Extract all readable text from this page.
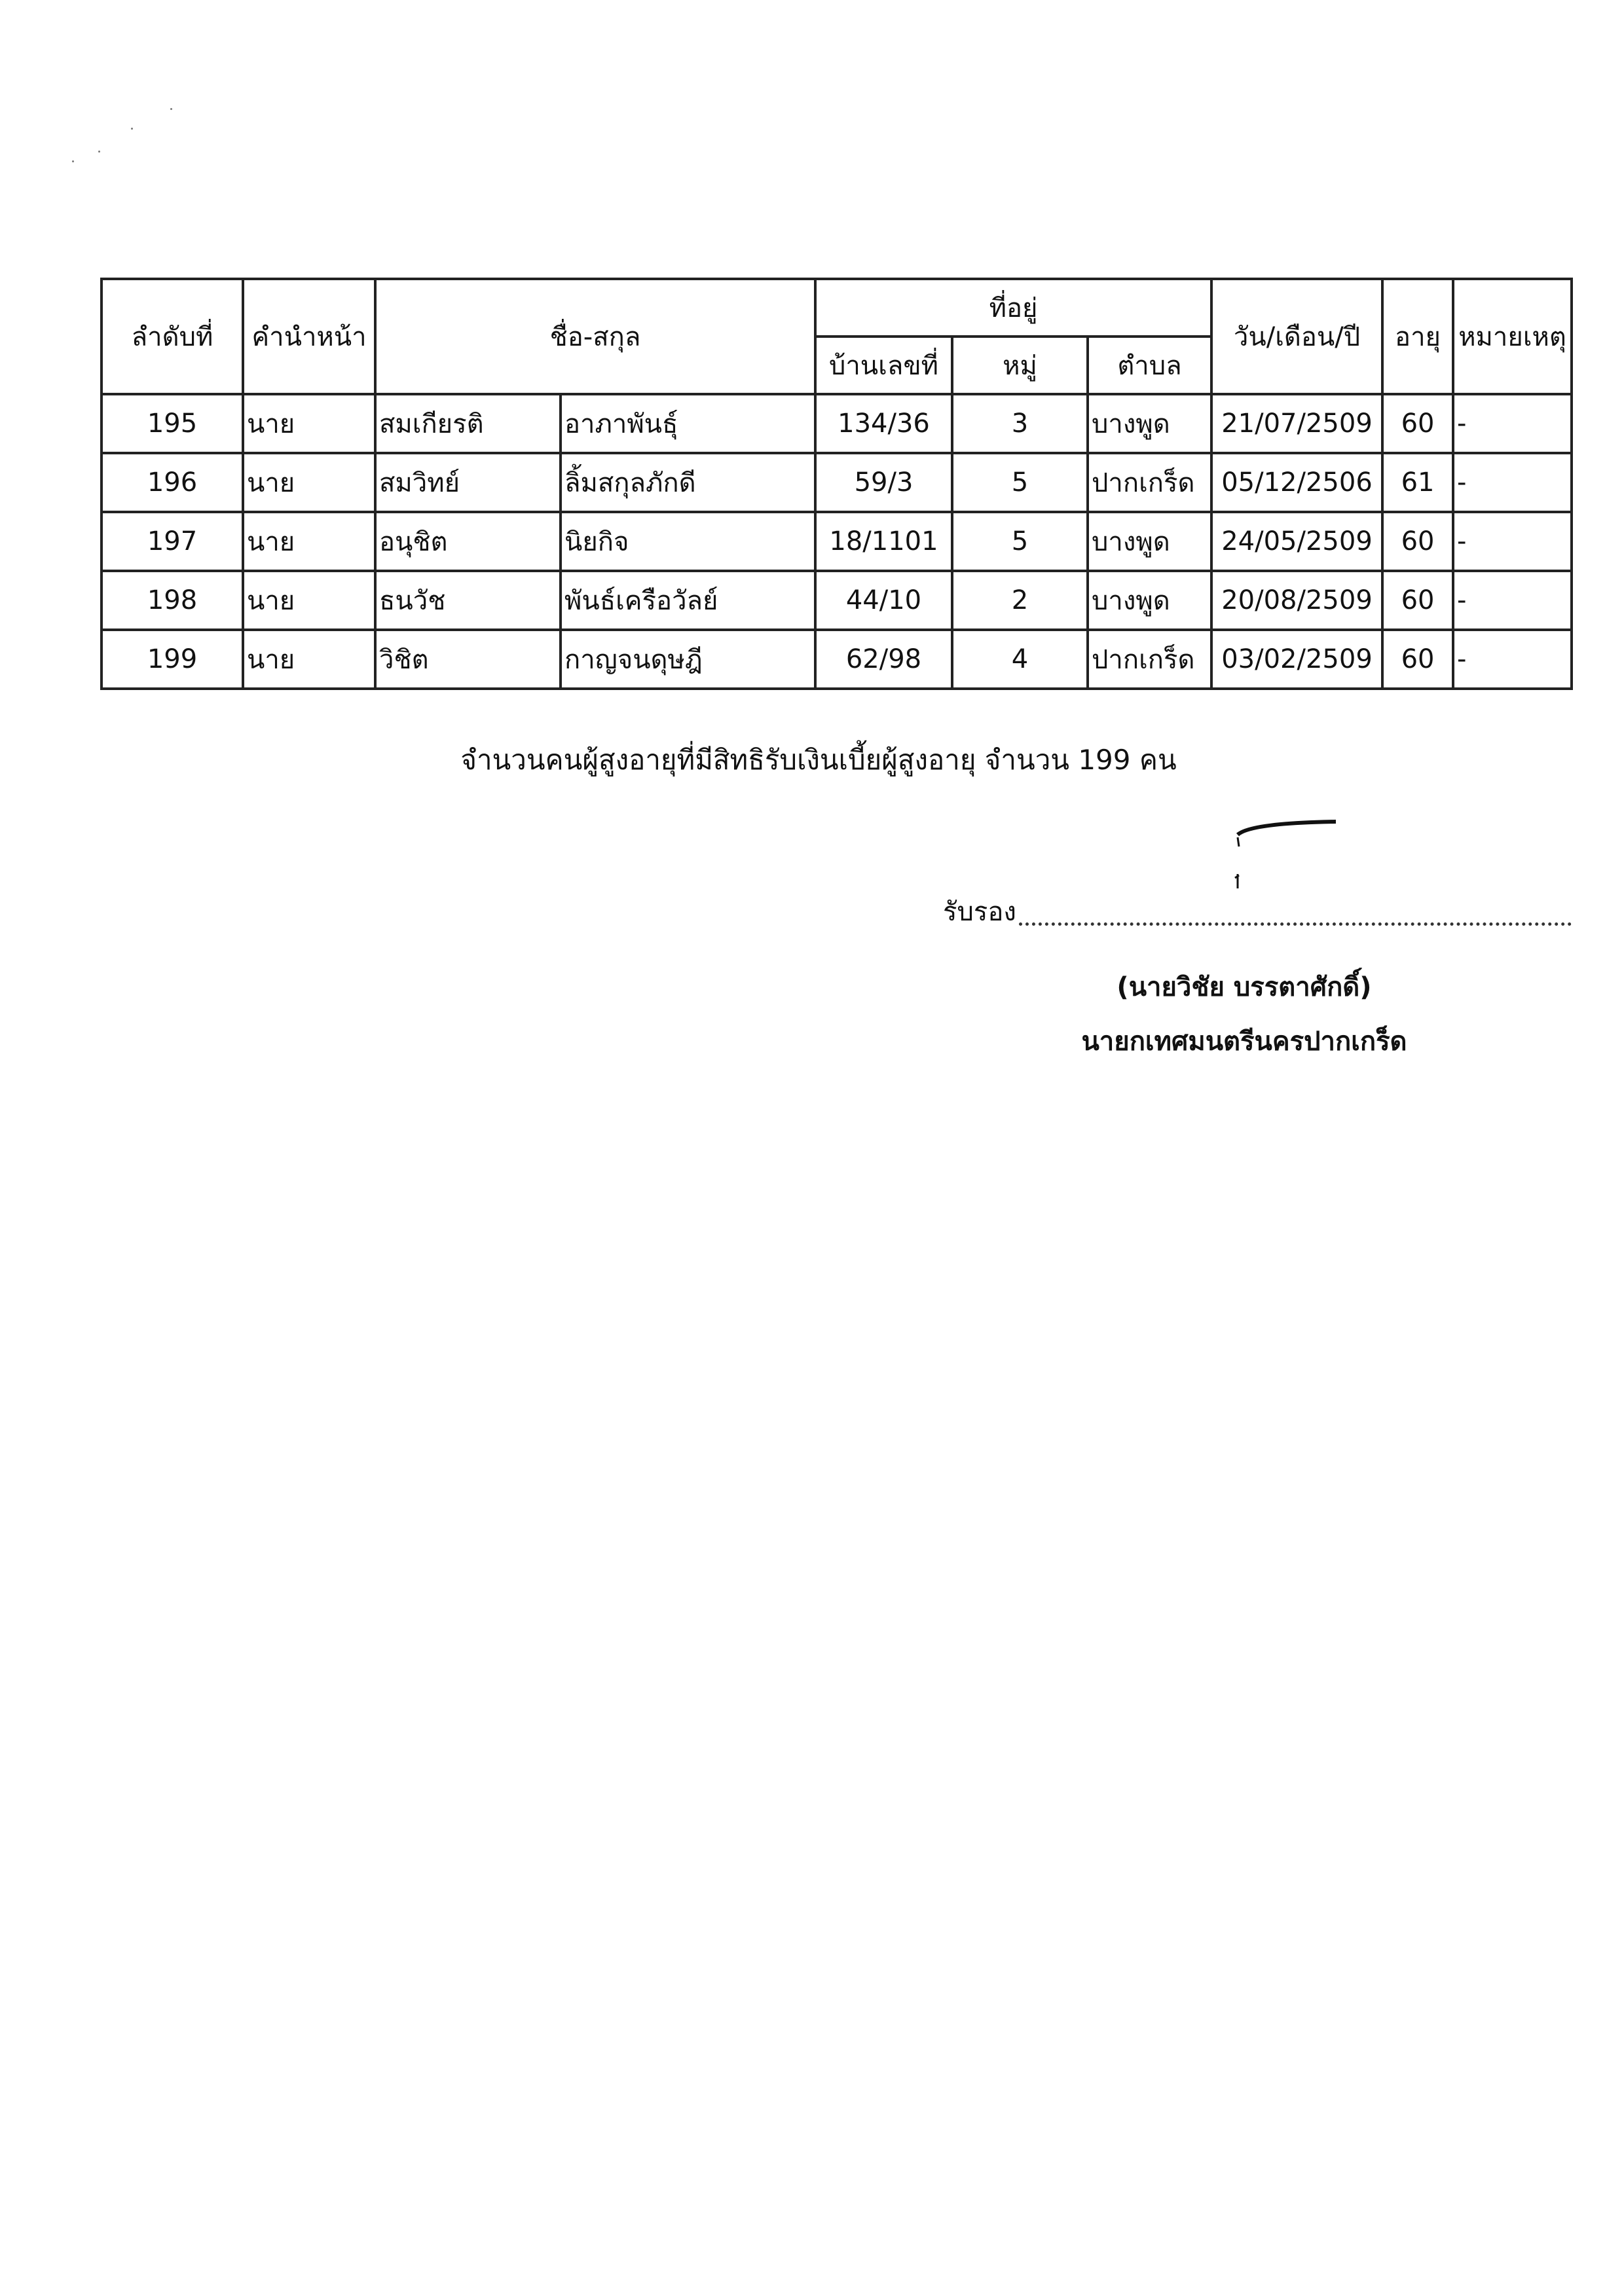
ลำดับที่	คำนำหน้า	ชื่อ-สกุล		ที่อยู่			วัน/เดือน/ปี	อายุ	หมายเหตุ
				บ้านเลขที่	หมู่	ตำบล			
195	นาย	สมเกียรติ	อาภาพันธุ์	134/36	3	บางพูด	21/07/2509	60	-
196	นาย	สมวิทย์	ลิ้มสกุลภักดี	59/3	5	ปากเกร็ด	05/12/2506	61	-
197	นาย	อนุชิต	นิยกิจ	18/1101	5	บางพูด	24/05/2509	60	-
198	นาย	ธนวัช	พันธ์เครือวัลย์	44/10	2	บางพูด	20/08/2509	60	-
199	นาย	วิชิต	กาญจนดุษฎี	62/98	4	ปากเกร็ด	03/02/2509	60	-
จำนวนคนผู้สูงอายุที่มีสิทธิรับเงินเบี้ยผู้สูงอายุ จำนวน 199 คน
รับรอง
(นายวิชัย บรรตาศักดิ์)
นายกเทศมนตรีนครปากเกร็ด
